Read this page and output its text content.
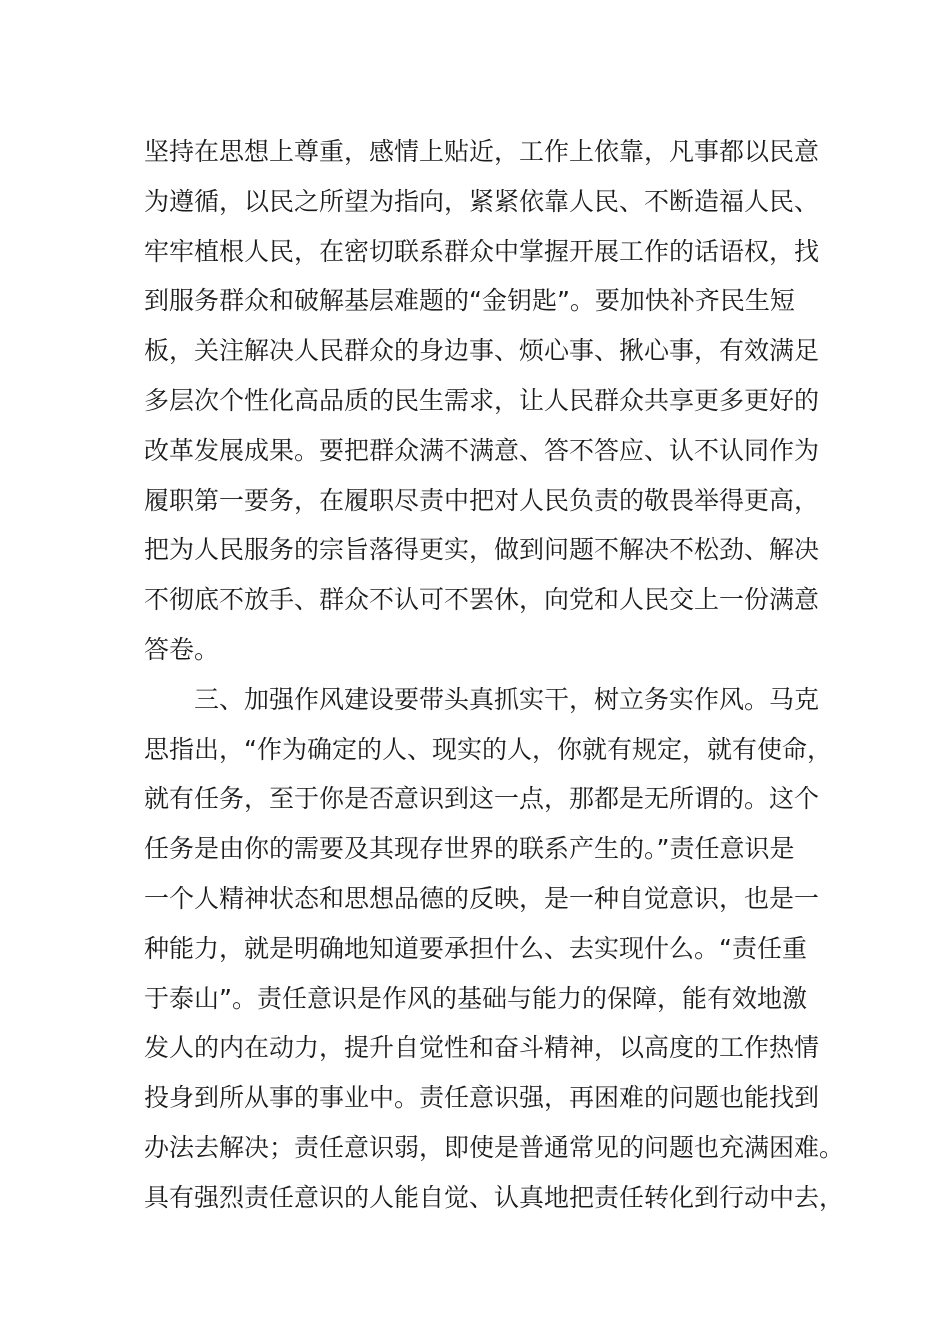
坚持在思想上尊重，感情上贴近，工作上依靠，凡事都以民意
为遵循，以民之所望为指向，紧紧依靠人民、不断造福人民、
牢牢植根人民，在密切联系群众中掌握开展工作的话语权，找
到服务群众和破解基层难题的“金钥匙”。要加快补齐民生短
板，关注解决人民群众的身边事、烦心事、揪心事，有效满足
多层次个性化高品质的民生需求，让人民群众共享更多更好的
改革发展成果。要把群众满不满意、答不答应、认不认同作为
履职第一要务，在履职尽责中把对人民负责的敬畏举得更高，
把为人民服务的宗旨落得更实，做到问题不解决不松劲、解决
不彻底不放手、群众不认可不罢休，向党和人民交上一份满意
答卷。
三、加强作风建设要带头真抓实干，树立务实作风。马克
思指出，“作为确定的人、现实的人，你就有规定，就有使命，
就有任务，至于你是否意识到这一点，那都是无所谓的。这个
任务是由你的需要及其现存世界的联系产生的。”责任意识是
一个人精神状态和思想品德的反映，是一种自觉意识，也是一
种能力，就是明确地知道要承担什么、去实现什么。“责任重
于泰山”。责任意识是作风的基础与能力的保障，能有效地激
发人的内在动力，提升自觉性和奋斗精神，以高度的工作热情
投身到所从事的事业中。责任意识强，再困难的问题也能找到
办法去解决；责任意识弱，即使是普通常见的问题也充满困难。
具有强烈责任意识的人能自觉、认真地把责任转化到行动中去，
